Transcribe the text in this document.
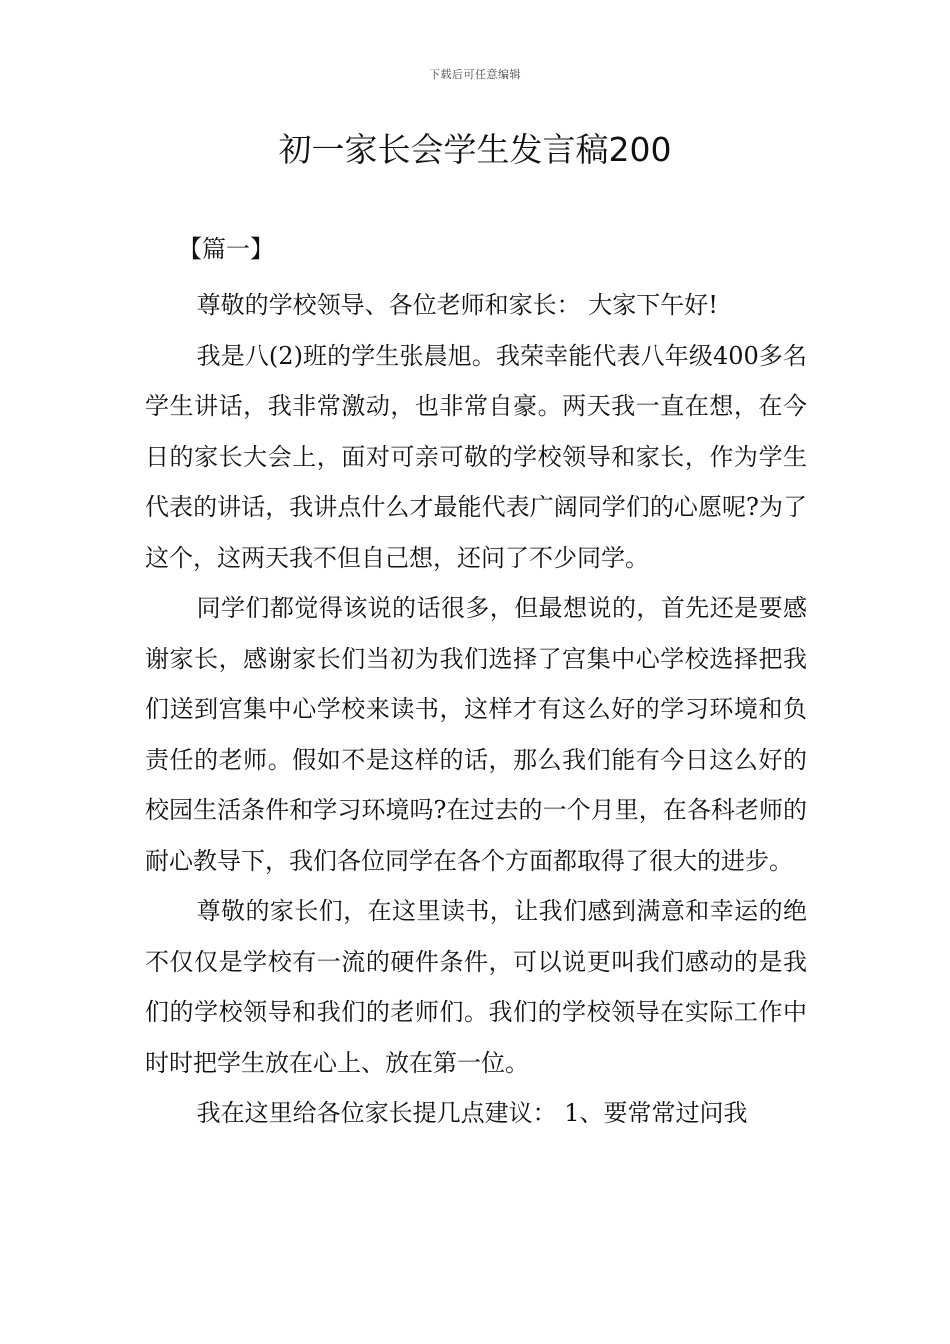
下载后可任意编辑
初一家长会学生发言稿200
【篇一】

尊敬的学校领导、各位老师和家长： 大家下午好!

我是八(2)班的学生张晨旭。我荣幸能代表八年级400多名学生讲话，我非常激动，也非常自豪。两天我一直在想，在今日的家长大会上，面对可亲可敬的学校领导和家长，作为学生代表的讲话，我讲点什么才最能代表广阔同学们的心愿呢?为了这个，这两天我不但自己想，还问了不少同学。

同学们都觉得该说的话很多，但最想说的，首先还是要感谢家长，感谢家长们当初为我们选择了宫集中心学校选择把我们送到宫集中心学校来读书，这样才有这么好的学习环境和负责任的老师。假如不是这样的话，那么我们能有今日这么好的校园生活条件和学习环境吗?在过去的一个月里，在各科老师的耐心教导下，我们各位同学在各个方面都取得了很大的进步。

尊敬的家长们，在这里读书，让我们感到满意和幸运的绝不仅仅是学校有一流的硬件条件，可以说更叫我们感动的是我们的学校领导和我们的老师们。我们的学校领导在实际工作中时时把学生放在心上、放在第一位。

我在这里给各位家长提几点建议： 1、要常常过问我
